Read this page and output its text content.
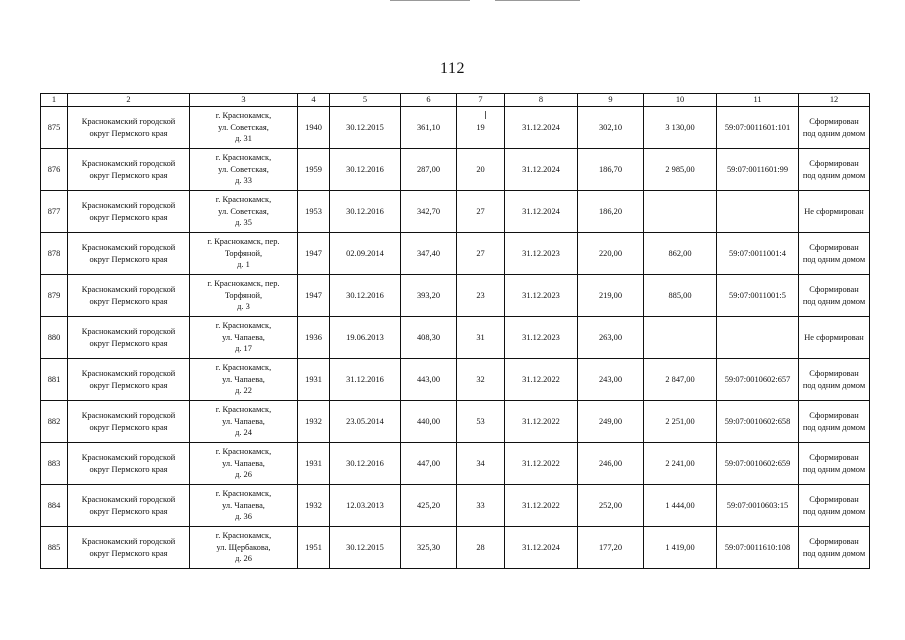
112
1	2	3	4	5	6	7	8	9	10	11	12
875	Краснокамский городской
округ Пермского края	г. Краснокамск,
ул. Советская,
д. 31	1940	30.12.2015	361,10	19	31.12.2024	302,10	3 130,00	59:07:0011601:101	Сформирован
под одним домом

876	Краснокамский городской
округ Пермского края	г. Краснокамск,
ул. Советская,
д. 33	1959	30.12.2016	287,00	20	31.12.2024	186,70	2 985,00	59:07:0011601:99	Сформирован
под одним домом

877	Краснокамский городской
округ Пермского края	г. Краснокамск,
ул. Советская,
д. 35	1953	30.12.2016	342,70	27	31.12.2024	186,20			Не сформирован

878	Краснокамский городской
округ Пермского края	г. Краснокамск, пер.
Торфяной,
д. 1	1947	02.09.2014	347,40	27	31.12.2023	220,00	862,00	59:07:0011001:4	Сформирован
под одним домом

879	Краснокамский городской
округ Пермского края	г. Краснокамск, пер.
Торфяной,
д. 3	1947	30.12.2016	393,20	23	31.12.2023	219,00	885,00	59:07:0011001:5	Сформирован
под одним домом

880	Краснокамский городской
округ Пермского края	г. Краснокамск,
ул. Чапаева,
д. 17	1936	19.06.2013	408,30	31	31.12.2023	263,00			Не сформирован

881	Краснокамский городской
округ Пермского края	г. Краснокамск,
ул. Чапаева,
д. 22	1931	31.12.2016	443,00	32	31.12.2022	243,00	2 847,00	59:07:0010602:657	Сформирован
под одним домом

882	Краснокамский городской
округ Пермского края	г. Краснокамск,
ул. Чапаева,
д. 24	1932	23.05.2014	440,00	53	31.12.2022	249,00	2 251,00	59:07:0010602:658	Сформирован
под одним домом

883	Краснокамский городской
округ Пермского края	г. Краснокамск,
ул. Чапаева,
д. 26	1931	30.12.2016	447,00	34	31.12.2022	246,00	2 241,00	59:07:0010602:659	Сформирован
под одним домом

884	Краснокамский городской
округ Пермского края	г. Краснокамск,
ул. Чапаева,
д. 36	1932	12.03.2013	425,20	33	31.12.2022	252,00	1 444,00	59:07:0010603:15	Сформирован
под одним домом

885	Краснокамский городской
округ Пермского края	г. Краснокамск,
ул. Щербакова,
д. 26	1951	30.12.2015	325,30	28	31.12.2024	177,20	1 419,00	59:07:0011610:108	Сформирован
под одним домом
